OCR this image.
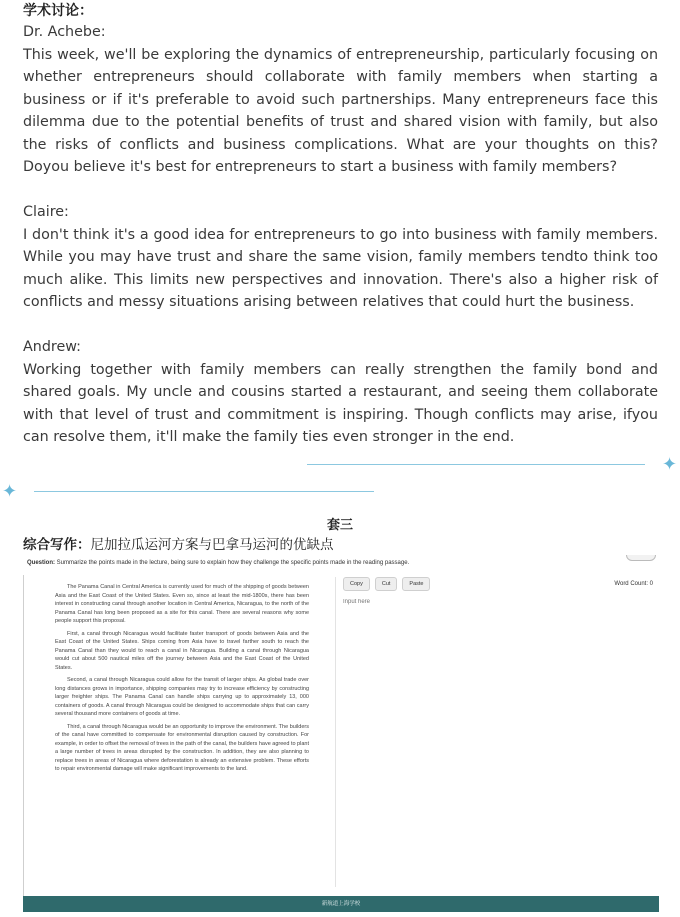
学术讨论：

Dr. Achebe:

This week, we'll be exploring the dynamics of entrepreneurship, particularly focusing on whether entrepreneurs should collaborate with family members when starting a business or if it's preferable to avoid such partnerships. Many entrepreneurs face this dilemma due to the potential benefits of trust and shared vision with family, but also the risks of conflicts and business complications. What are your thoughts on this? Doyou believe it's best for entrepreneurs to start a business with family members?

Claire:

I don't think it's a good idea for entrepreneurs to go into business with family members. While you may have trust and share the same vision, family members tendto think too much alike. This limits new perspectives and innovation. There's also a higher risk of conflicts and messy situations arising between relatives that could hurt the business.

Andrew:

Working together with family members can really strengthen the family bond and shared goals. My uncle and cousins started a restaurant, and seeing them collaborate with that level of trust and commitment is inspiring. Though conflicts may arise, ifyou can resolve them, it'll make the family ties even stronger in the end.

✦
✦
套三
综合写作：尼加拉瓜运河方案与巴拿马运河的优缺点
Question: Summarize the points made in the lecture, being sure to explain how they challenge the specific points made in the reading passage.

The Panama Canal in Central America is currently used for much of the shipping of goods between Asia and the East Coast of the United States. Even so, since at least the mid-1800s, there has been interest in constructing canal through another location in Central America, Nicaragua, to the north of the Panama Canal has long been proposed as a site for this canal. There are several reasons why some people support this proposal.

First, a canal through Nicaragua would facilitate faster transport of goods between Asia and the East Coast of the United States. Ships coming from Asia have to travel farther south to reach the Panama Canal than they would to reach a canal in Nicaragua. Building a canal through Nicaragua would cut about 500 nautical miles off the journey between Asia and the East Coast of the United States.

Second, a canal through Nicaragua could allow for the transit of larger ships. As global trade over long distances grows in importance, shipping companies may try to increase efficiency by constructing larger freighter ships. The Panama Canal can handle ships carrying up to approximately 13, 000 containers of goods. A canal through Nicaragua could be designed to accommodate ships that can carry several thousand more containers of goods at time.

Third, a canal through Nicaragua would be an opportunity to improve the environment. The builders of the canal have committed to compensate for environmental disruption caused by construction. For example, in order to offset the removal of trees in the path of the canal, the builders have agreed to plant a large number of trees in areas disrupted by the construction. In addition, they are also planning to replace trees in areas of Nicaragua where deforestation is already an extensive problem. These efforts to repair environmental damage will make significant improvements to the land.

Copy	Cut	Paste	Word Count: 0
Input here
新航道上海学校
